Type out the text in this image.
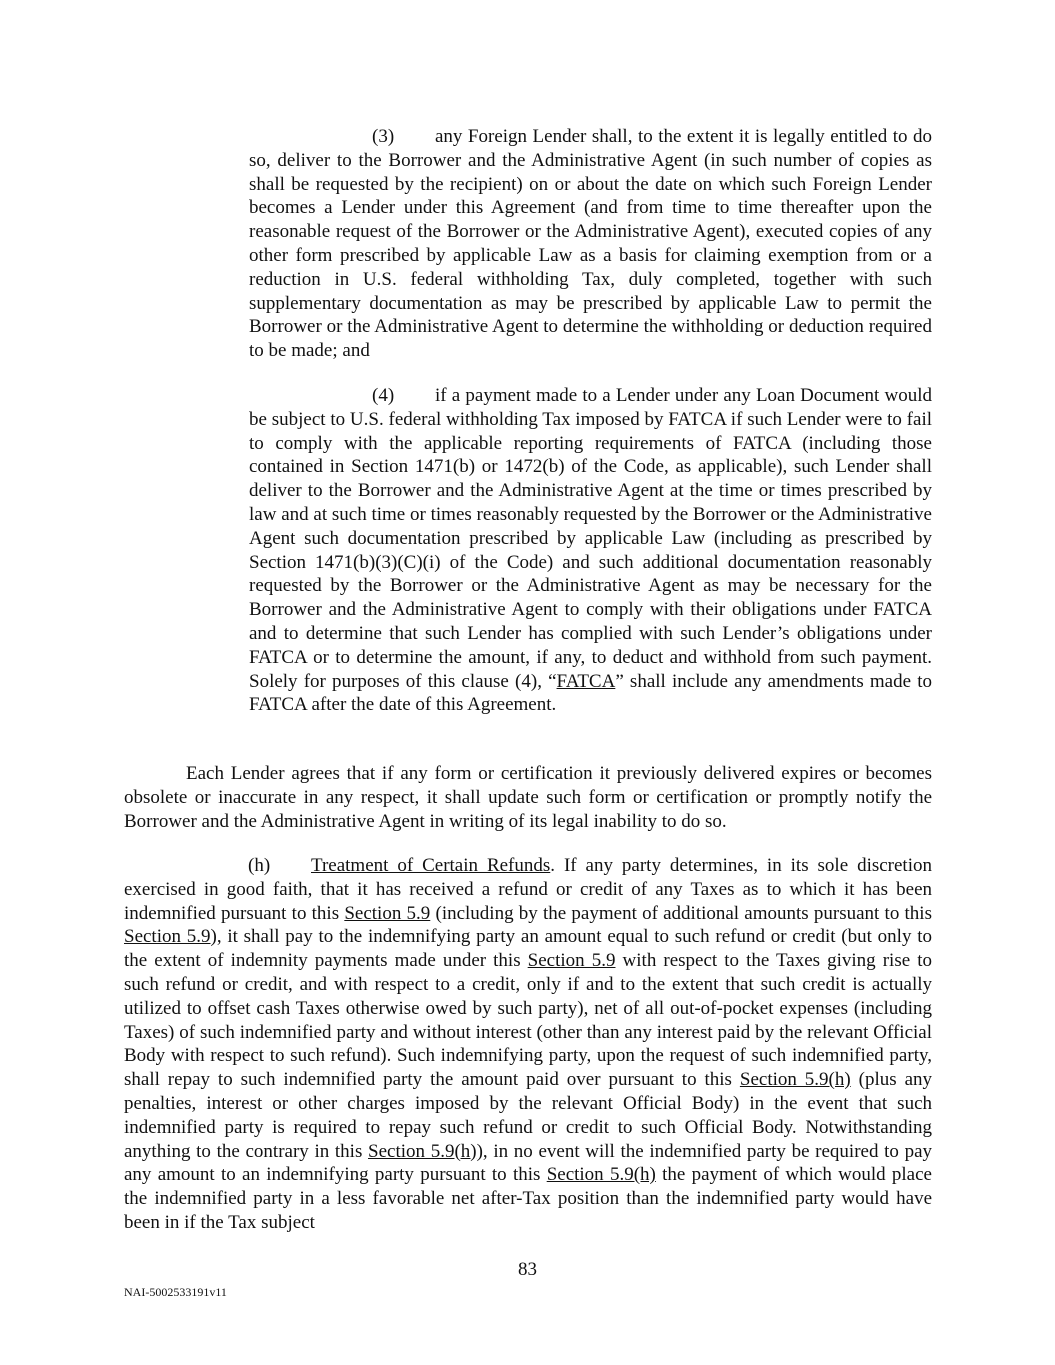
(3) any Foreign Lender shall, to the extent it is legally entitled to do so, deliver to the Borrower and the Administrative Agent (in such number of copies as shall be requested by the recipient) on or about the date on which such Foreign Lender becomes a Lender under this Agreement (and from time to time thereafter upon the reasonable request of the Borrower or the Administrative Agent), executed copies of any other form prescribed by applicable Law as a basis for claiming exemption from or a reduction in U.S. federal withholding Tax, duly completed, together with such supplementary documentation as may be prescribed by applicable Law to permit the Borrower or the Administrative Agent to determine the withholding or deduction required to be made; and

(4) if a payment made to a Lender under any Loan Document would be subject to U.S. federal withholding Tax imposed by FATCA if such Lender were to fail to comply with the applicable reporting requirements of FATCA (including those contained in Section 1471(b) or 1472(b) of the Code, as applicable), such Lender shall deliver to the Borrower and the Administrative Agent at the time or times prescribed by law and at such time or times reasonably requested by the Borrower or the Administrative Agent such documentation prescribed by applicable Law (including as prescribed by Section 1471(b)(3)(C)(i) of the Code) and such additional documentation reasonably requested by the Borrower or the Administrative Agent as may be necessary for the Borrower and the Administrative Agent to comply with their obligations under FATCA and to determine that such Lender has complied with such Lender’s obligations under FATCA or to determine the amount, if any, to deduct and withhold from such payment. Solely for purposes of this clause (4), “FATCA” shall include any amendments made to FATCA after the date of this Agreement.

Each Lender agrees that if any form or certification it previously delivered expires or becomes obsolete or inaccurate in any respect, it shall update such form or certification or promptly notify the Borrower and the Administrative Agent in writing of its legal inability to do so.

(h) Treatment of Certain Refunds. If any party determines, in its sole discretion exercised in good faith, that it has received a refund or credit of any Taxes as to which it has been indemnified pursuant to this Section 5.9 (including by the payment of additional amounts pursuant to this Section 5.9), it shall pay to the indemnifying party an amount equal to such refund or credit (but only to the extent of indemnity payments made under this Section 5.9 with respect to the Taxes giving rise to such refund or credit, and with respect to a credit, only if and to the extent that such credit is actually utilized to offset cash Taxes otherwise owed by such party), net of all out-of-pocket expenses (including Taxes) of such indemnified party and without interest (other than any interest paid by the relevant Official Body with respect to such refund). Such indemnifying party, upon the request of such indemnified party, shall repay to such indemnified party the amount paid over pursuant to this Section 5.9(h) (plus any penalties, interest or other charges imposed by the relevant Official Body) in the event that such indemnified party is required to repay such refund or credit to such Official Body. Notwithstanding anything to the contrary in this Section 5.9(h)), in no event will the indemnified party be required to pay any amount to an indemnifying party pursuant to this Section 5.9(h) the payment of which would place the indemnified party in a less favorable net after-Tax position than the indemnified party would have been in if the Tax subject

83
NAI-5002533191v11
